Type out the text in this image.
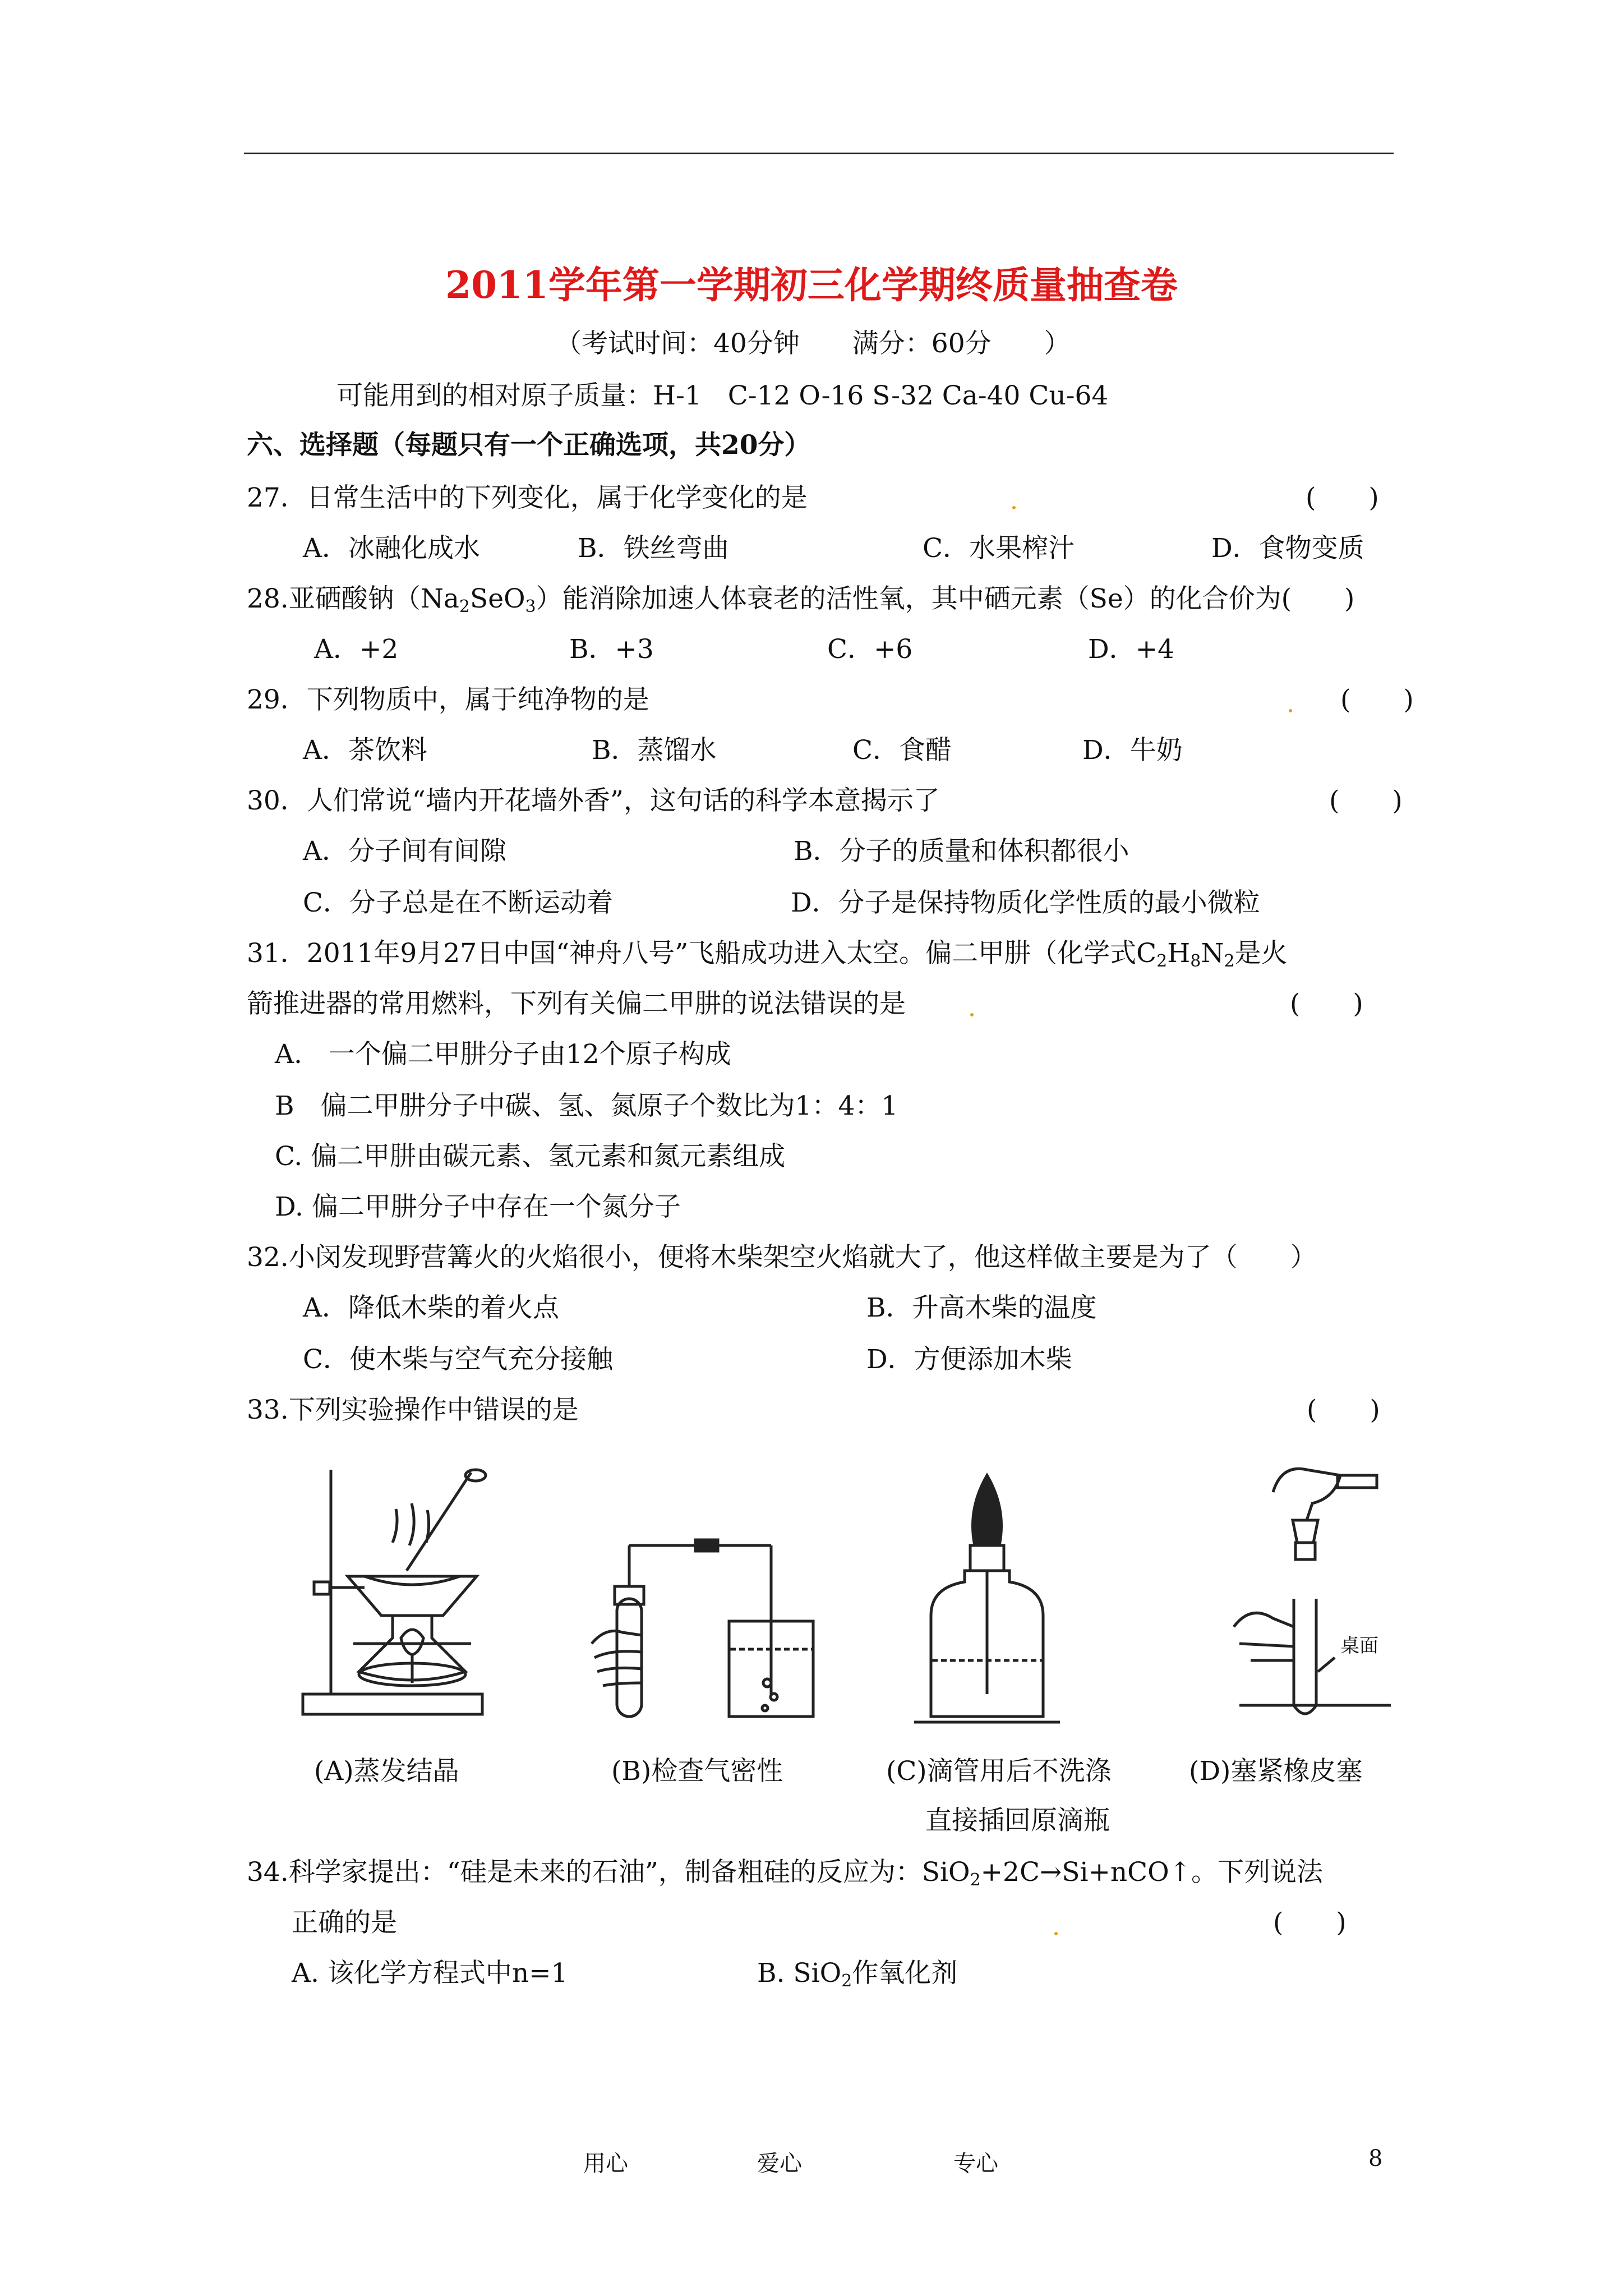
2011学年第一学期初三化学期终质量抽查卷
（考试时间：40分钟　　满分：60分　　）
可能用到的相对原子质量：H-1　C-12 O-16 S-32 Ca-40 Cu-64
六、选择题（每题只有一个正确选项，共20分）
27．日常生活中的下列变化，属于化学变化的是	(　　)
A．冰融化成水	B．铁丝弯曲	C．水果榨汁	D．食物变质
28.亚硒酸钠$(Na_2SeO_3)$能消除加速人体衰老的活性氧，其中硒元素（Se）的化合价为(　　)
A．+2	B．+3	C．+6	D．+4
29．下列物质中，属于纯净物的是	(　　)
A．茶饮料	B．蒸馏水	C．食醋	D．牛奶
30．人们常说“墙内开花墙外香”，这句话的科学本意揭示了	(　　)
A．分子间有间隙	B．分子的质量和体积都很小
C．分子总是在不断运动着	D．分子是保持物质化学性质的最小微粒
31．2011年9月27日中国“神舟八号”飞船成功进入太空。偏二甲肼（化学式$C_2H_8N_2$是火
箭推进器的常用燃料，下列有关偏二甲肼的说法错误的是	(　　)
A.　一个偏二甲肼分子由12个原子构成
B　偏二甲肼分子中碳、氢、氮原子个数比为1：4：1
C. 偏二甲肼由碳元素、氢元素和氮元素组成
D. 偏二甲肼分子中存在一个氮分子
32.小闵发现野营篝火的火焰很小，便将木柴架空火焰就大了，他这样做主要是为了（　　）
A．降低木柴的着火点	B．升高木柴的温度
C．使木柴与空气充分接触	D．方便添加木柴
33.下列实验操作中错误的是	(　　)
桌面
(A)蒸发结晶	(B)检查气密性	(C)滴管用后不洗涤
直接插回原滴瓶
(D)塞紧橡皮塞
34.科学家提出：“硅是未来的石油”，制备粗硅的反应为：SiO$_2$+2C→Si+nCO↑。下列说法
正确的是	(　　)
A. 该化学方程式中n=1	B. SiO$_2$作氧化剂
用心	爱心	专心	8
